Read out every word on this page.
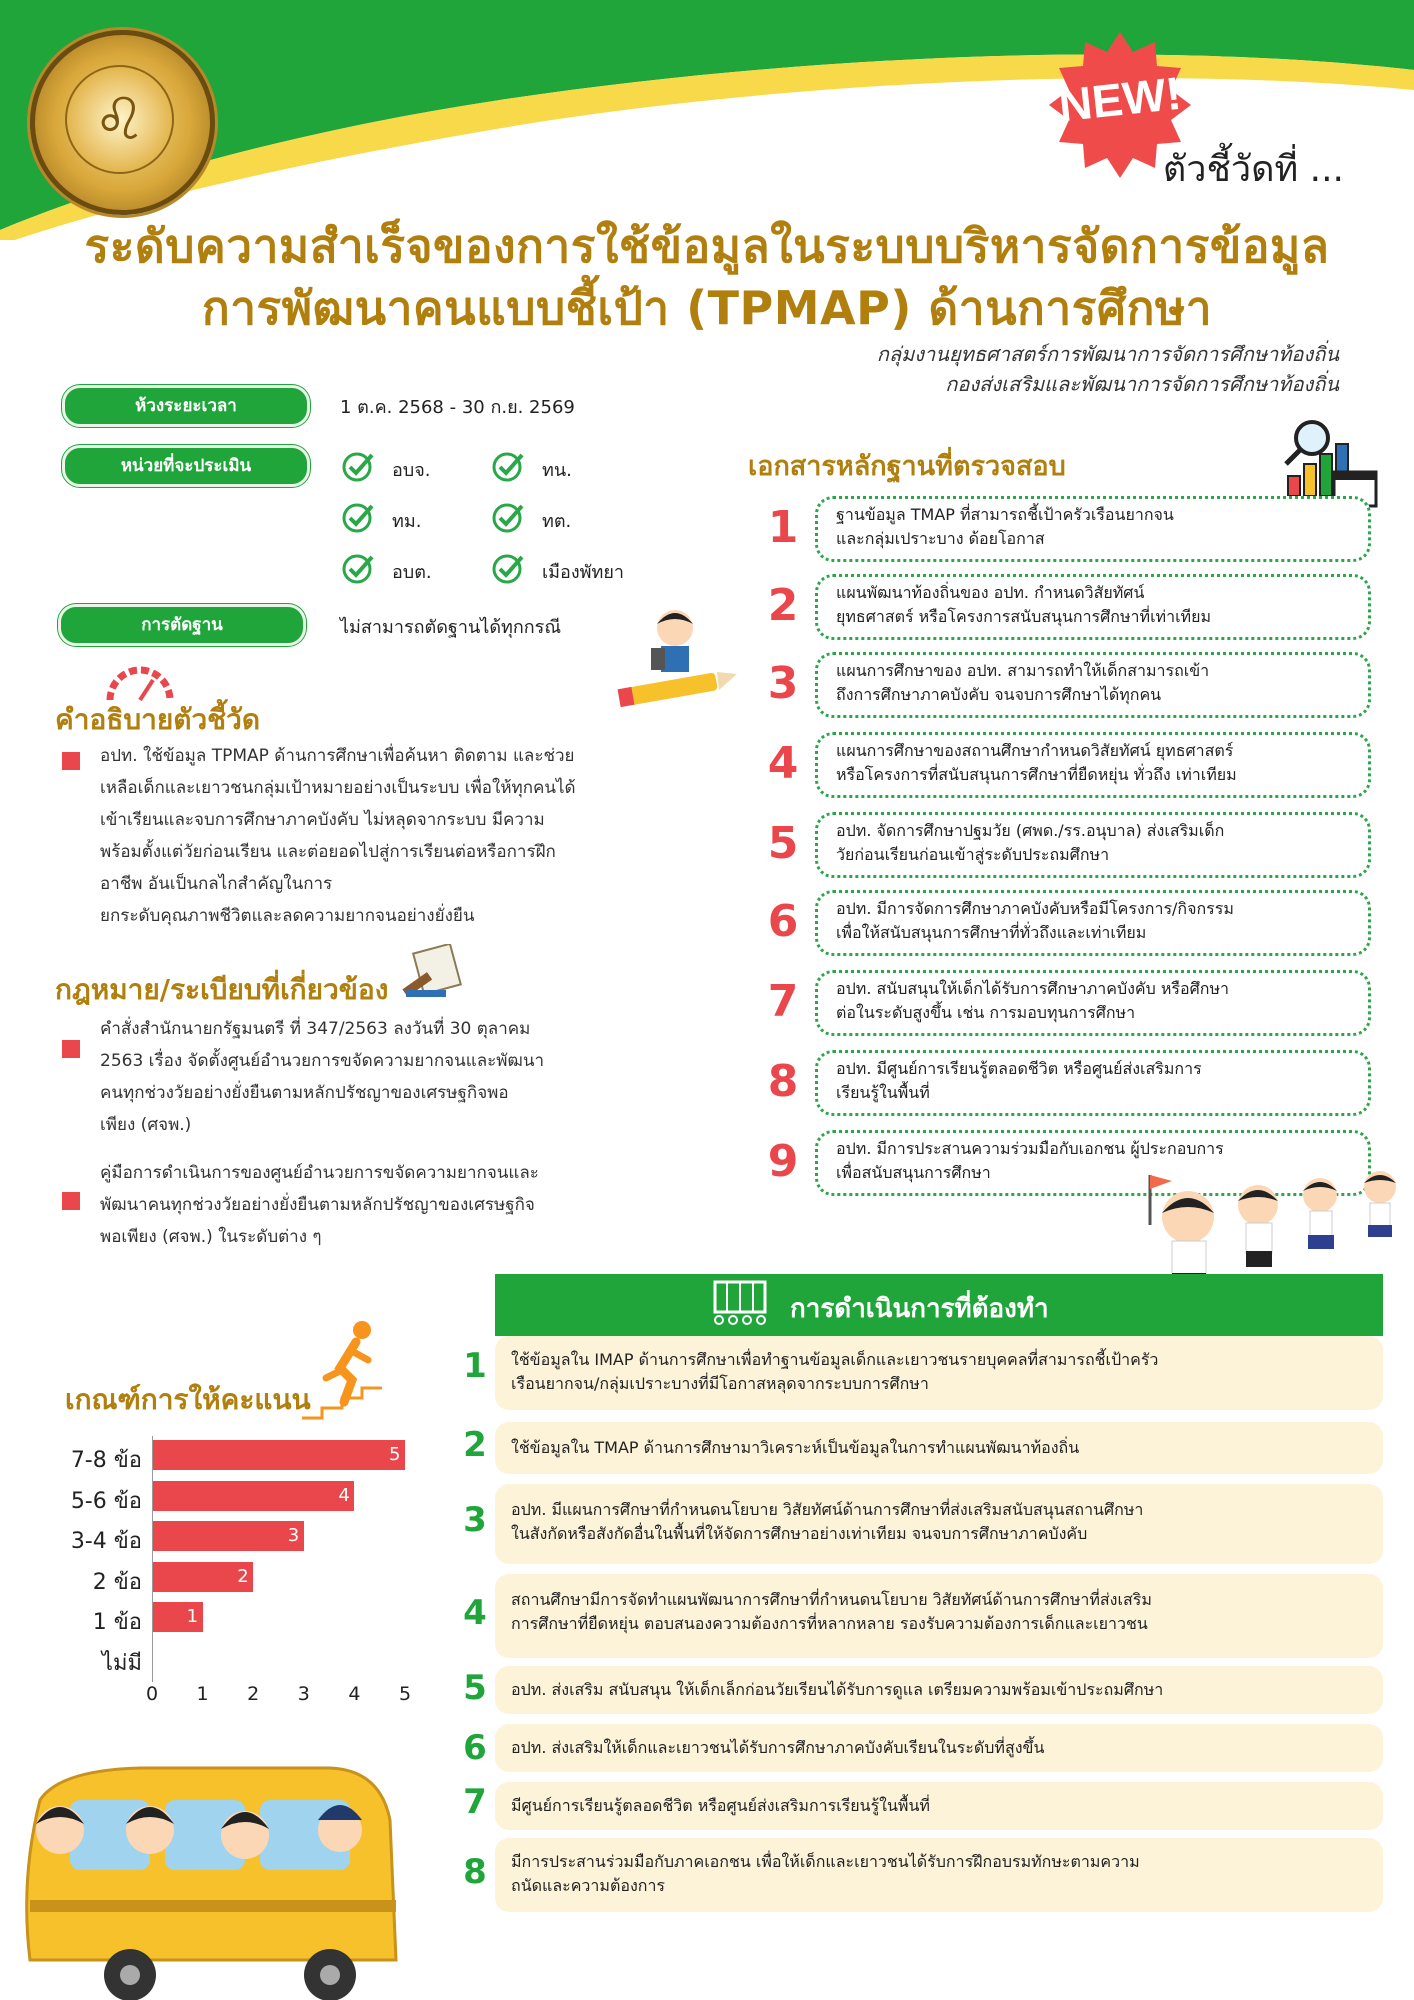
♌	NEW!
ตัวชี้วัดที่ ...
ระดับความสำเร็จของการใช้ข้อมูลในระบบบริหารจัดการข้อมูล
การพัฒนาคนแบบชี้เป้า (TPMAP) ด้านการศึกษา
กลุ่มงานยุทธศาสตร์การพัฒนาการจัดการศึกษาท้องถิ่น
กองส่งเสริมและพัฒนาการจัดการศึกษาท้องถิ่น
ห้วงระยะเวลา	1 ต.ค. 2568 - 30 ก.ย. 2569
หน่วยที่จะประเมิน	อบจ.	ทน.
ทม.	ทต.
อบต.	เมืองพัทยา
การตัดฐาน	ไม่สามารถตัดฐานได้ทุกกรณี
คำอธิบายตัวชี้วัด
อปท. ใช้ข้อมูล TPMAP ด้านการศึกษาเพื่อค้นหา ติดตาม และช่วย
เหลือเด็กและเยาวชนกลุ่มเป้าหมายอย่างเป็นระบบ เพื่อให้ทุกคนได้
เข้าเรียนและจบการศึกษาภาคบังคับ ไม่หลุดจากระบบ มีความ
พร้อมตั้งแต่วัยก่อนเรียน และต่อยอดไปสู่การเรียนต่อหรือการฝึก
อาชีพ อันเป็นกลไกสำคัญในการ
ยกระดับคุณภาพชีวิตและลดความยากจนอย่างยั่งยืน
กฎหมาย/ระเบียบที่เกี่ยวข้อง
คำสั่งสำนักนายกรัฐมนตรี ที่ 347/2563 ลงวันที่ 30 ตุลาคม
2563 เรื่อง จัดตั้งศูนย์อำนวยการขจัดความยากจนและพัฒนา
คนทุกช่วงวัยอย่างยั่งยืนตามหลักปรัชญาของเศรษฐกิจพอ
เพียง (ศจพ.)
คู่มือการดำเนินการของศูนย์อำนวยการขจัดความยากจนและ
พัฒนาคนทุกช่วงวัยอย่างยั่งยืนตามหลักปรัชญาของเศรษฐกิจ
พอเพียง (ศจพ.) ในระดับต่าง ๆ
เอกสารหลักฐานที่ตรวจสอบ
1	ฐานข้อมูล TMAP ที่สามารถชี้เป้าครัวเรือนยากจน
และกลุ่มเปราะบาง ด้อยโอกาส
2	แผนพัฒนาท้องถิ่นของ อปท. กำหนดวิสัยทัศน์
ยุทธศาสตร์ หรือโครงการสนับสนุนการศึกษาที่เท่าเทียม
3	แผนการศึกษาของ อปท. สามารถทำให้เด็กสามารถเข้า
ถึงการศึกษาภาคบังคับ จนจบการศึกษาได้ทุกคน
4	แผนการศึกษาของสถานศึกษากำหนดวิสัยทัศน์ ยุทธศาสตร์
หรือโครงการที่สนับสนุนการศึกษาที่ยืดหยุ่น ทั่วถึง เท่าเทียม
5	อปท. จัดการศึกษาปฐมวัย (ศพด./รร.อนุบาล) ส่งเสริมเด็ก
วัยก่อนเรียนก่อนเข้าสู่ระดับประถมศึกษา
6	อปท. มีการจัดการศึกษาภาคบังคับหรือมีโครงการ/กิจกรรม
เพื่อให้สนับสนุนการศึกษาที่ทั่วถึงและเท่าเทียม
7	อปท. สนับสนุนให้เด็กได้รับการศึกษาภาคบังคับ หรือศึกษา
ต่อในระดับสูงขึ้น เช่น การมอบทุนการศึกษา
8	อปท. มีศูนย์การเรียนรู้ตลอดชีวิต หรือศูนย์ส่งเสริมการ
เรียนรู้ในพื้นที่
9	อปท. มีการประสานความร่วมมือกับเอกชน ผู้ประกอบการ
เพื่อสนับสนุนการศึกษา
การดำเนินการที่ต้องทำ
1	ใช้ข้อมูลใน IMAP ด้านการศึกษาเพื่อทำฐานข้อมูลเด็กและเยาวชนรายบุคคลที่สามารถชี้เป้าครัว
เรือนยากจน/กลุ่มเปราะบางที่มีโอกาสหลุดจากระบบการศึกษา
2	ใช้ข้อมูลใน TMAP ด้านการศึกษามาวิเคราะห์เป็นข้อมูลในการทำแผนพัฒนาท้องถิ่น
3	อปท. มีแผนการศึกษาที่กำหนดนโยบาย วิสัยทัศน์ด้านการศึกษาที่ส่งเสริมสนับสนุนสถานศึกษา
ในสังกัดหรือสังกัดอื่นในพื้นที่ให้จัดการศึกษาอย่างเท่าเทียม จนจบการศึกษาภาคบังคับ
4	สถานศึกษามีการจัดทำแผนพัฒนาการศึกษาที่กำหนดนโยบาย วิสัยทัศน์ด้านการศึกษาที่ส่งเสริม
การศึกษาที่ยืดหยุ่น ตอบสนองความต้องการที่หลากหลาย รองรับความต้องการเด็กและเยาวชน
5	อปท. ส่งเสริม สนับสนุน ให้เด็กเล็กก่อนวัยเรียนได้รับการดูแล เตรียมความพร้อมเข้าประถมศึกษา
6	อปท. ส่งเสริมให้เด็กและเยาวชนได้รับการศึกษาภาคบังคับเรียนในระดับที่สูงขึ้น
7	มีศูนย์การเรียนรู้ตลอดชีวิต หรือศูนย์ส่งเสริมการเรียนรู้ในพื้นที่
8	มีการประสานร่วมมือกับภาคเอกชน เพื่อให้เด็กและเยาวชนได้รับการฝึกอบรมทักษะตามความ
ถนัดและความต้องการ
เกณฑ์การให้คะแนน
7-8 ข้อ	5
5-6 ข้อ	4
3-4 ข้อ	3
2 ข้อ	2
1 ข้อ 1
ไม่มี
0 1 2 3 4 5
